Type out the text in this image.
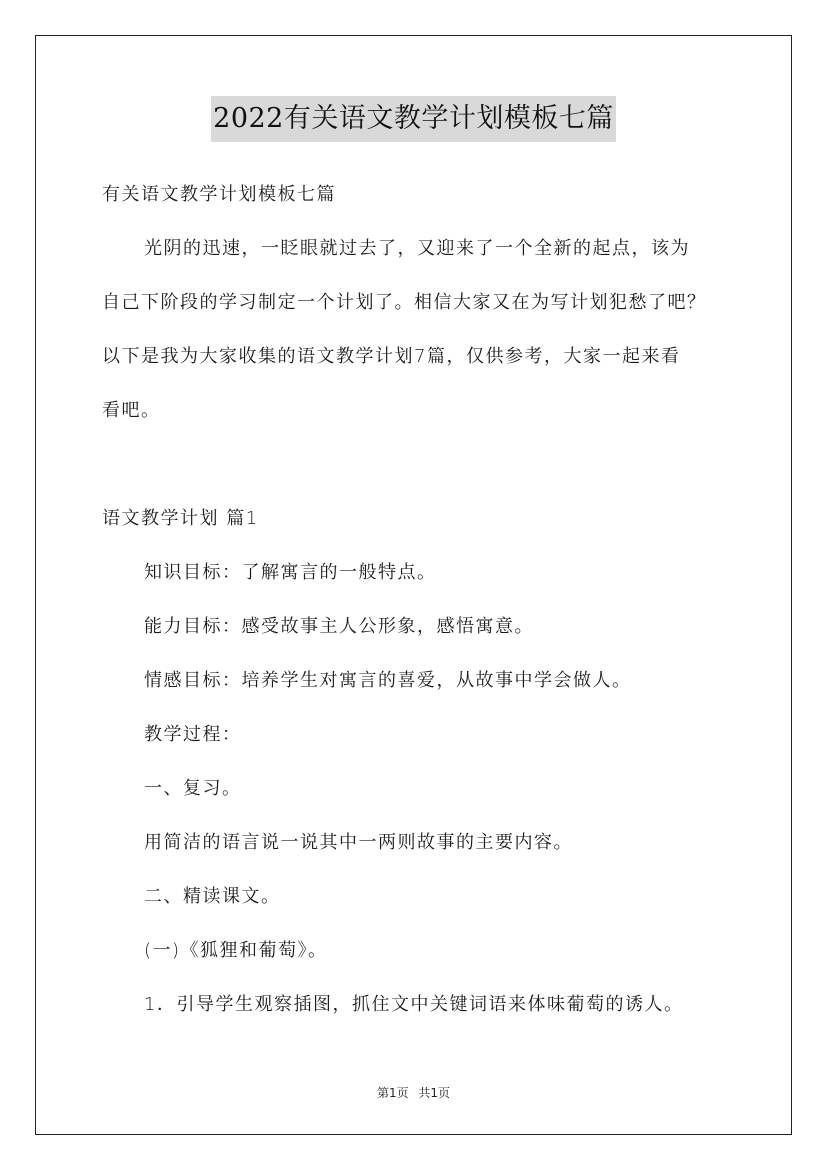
2022有关语文教学计划模板七篇
有关语文教学计划模板七篇
光阴的迅速，一眨眼就过去了，又迎来了一个全新的起点，该为
自己下阶段的学习制定一个计划了。相信大家又在为写计划犯愁了吧？
以下是我为大家收集的语文教学计划7篇，仅供参考，大家一起来看
看吧。
语文教学计划 篇1
知识目标：了解寓言的一般特点。
能力目标：感受故事主人公形象，感悟寓意。
情感目标：培养学生对寓言的喜爱，从故事中学会做人。
教学过程：
一、复习。
用简洁的语言说一说其中一两则故事的主要内容。
二、精读课文。
(一)《狐狸和葡萄》。
1．引导学生观察插图，抓住文中关键词语来体味葡萄的诱人。
第1页 共1页
